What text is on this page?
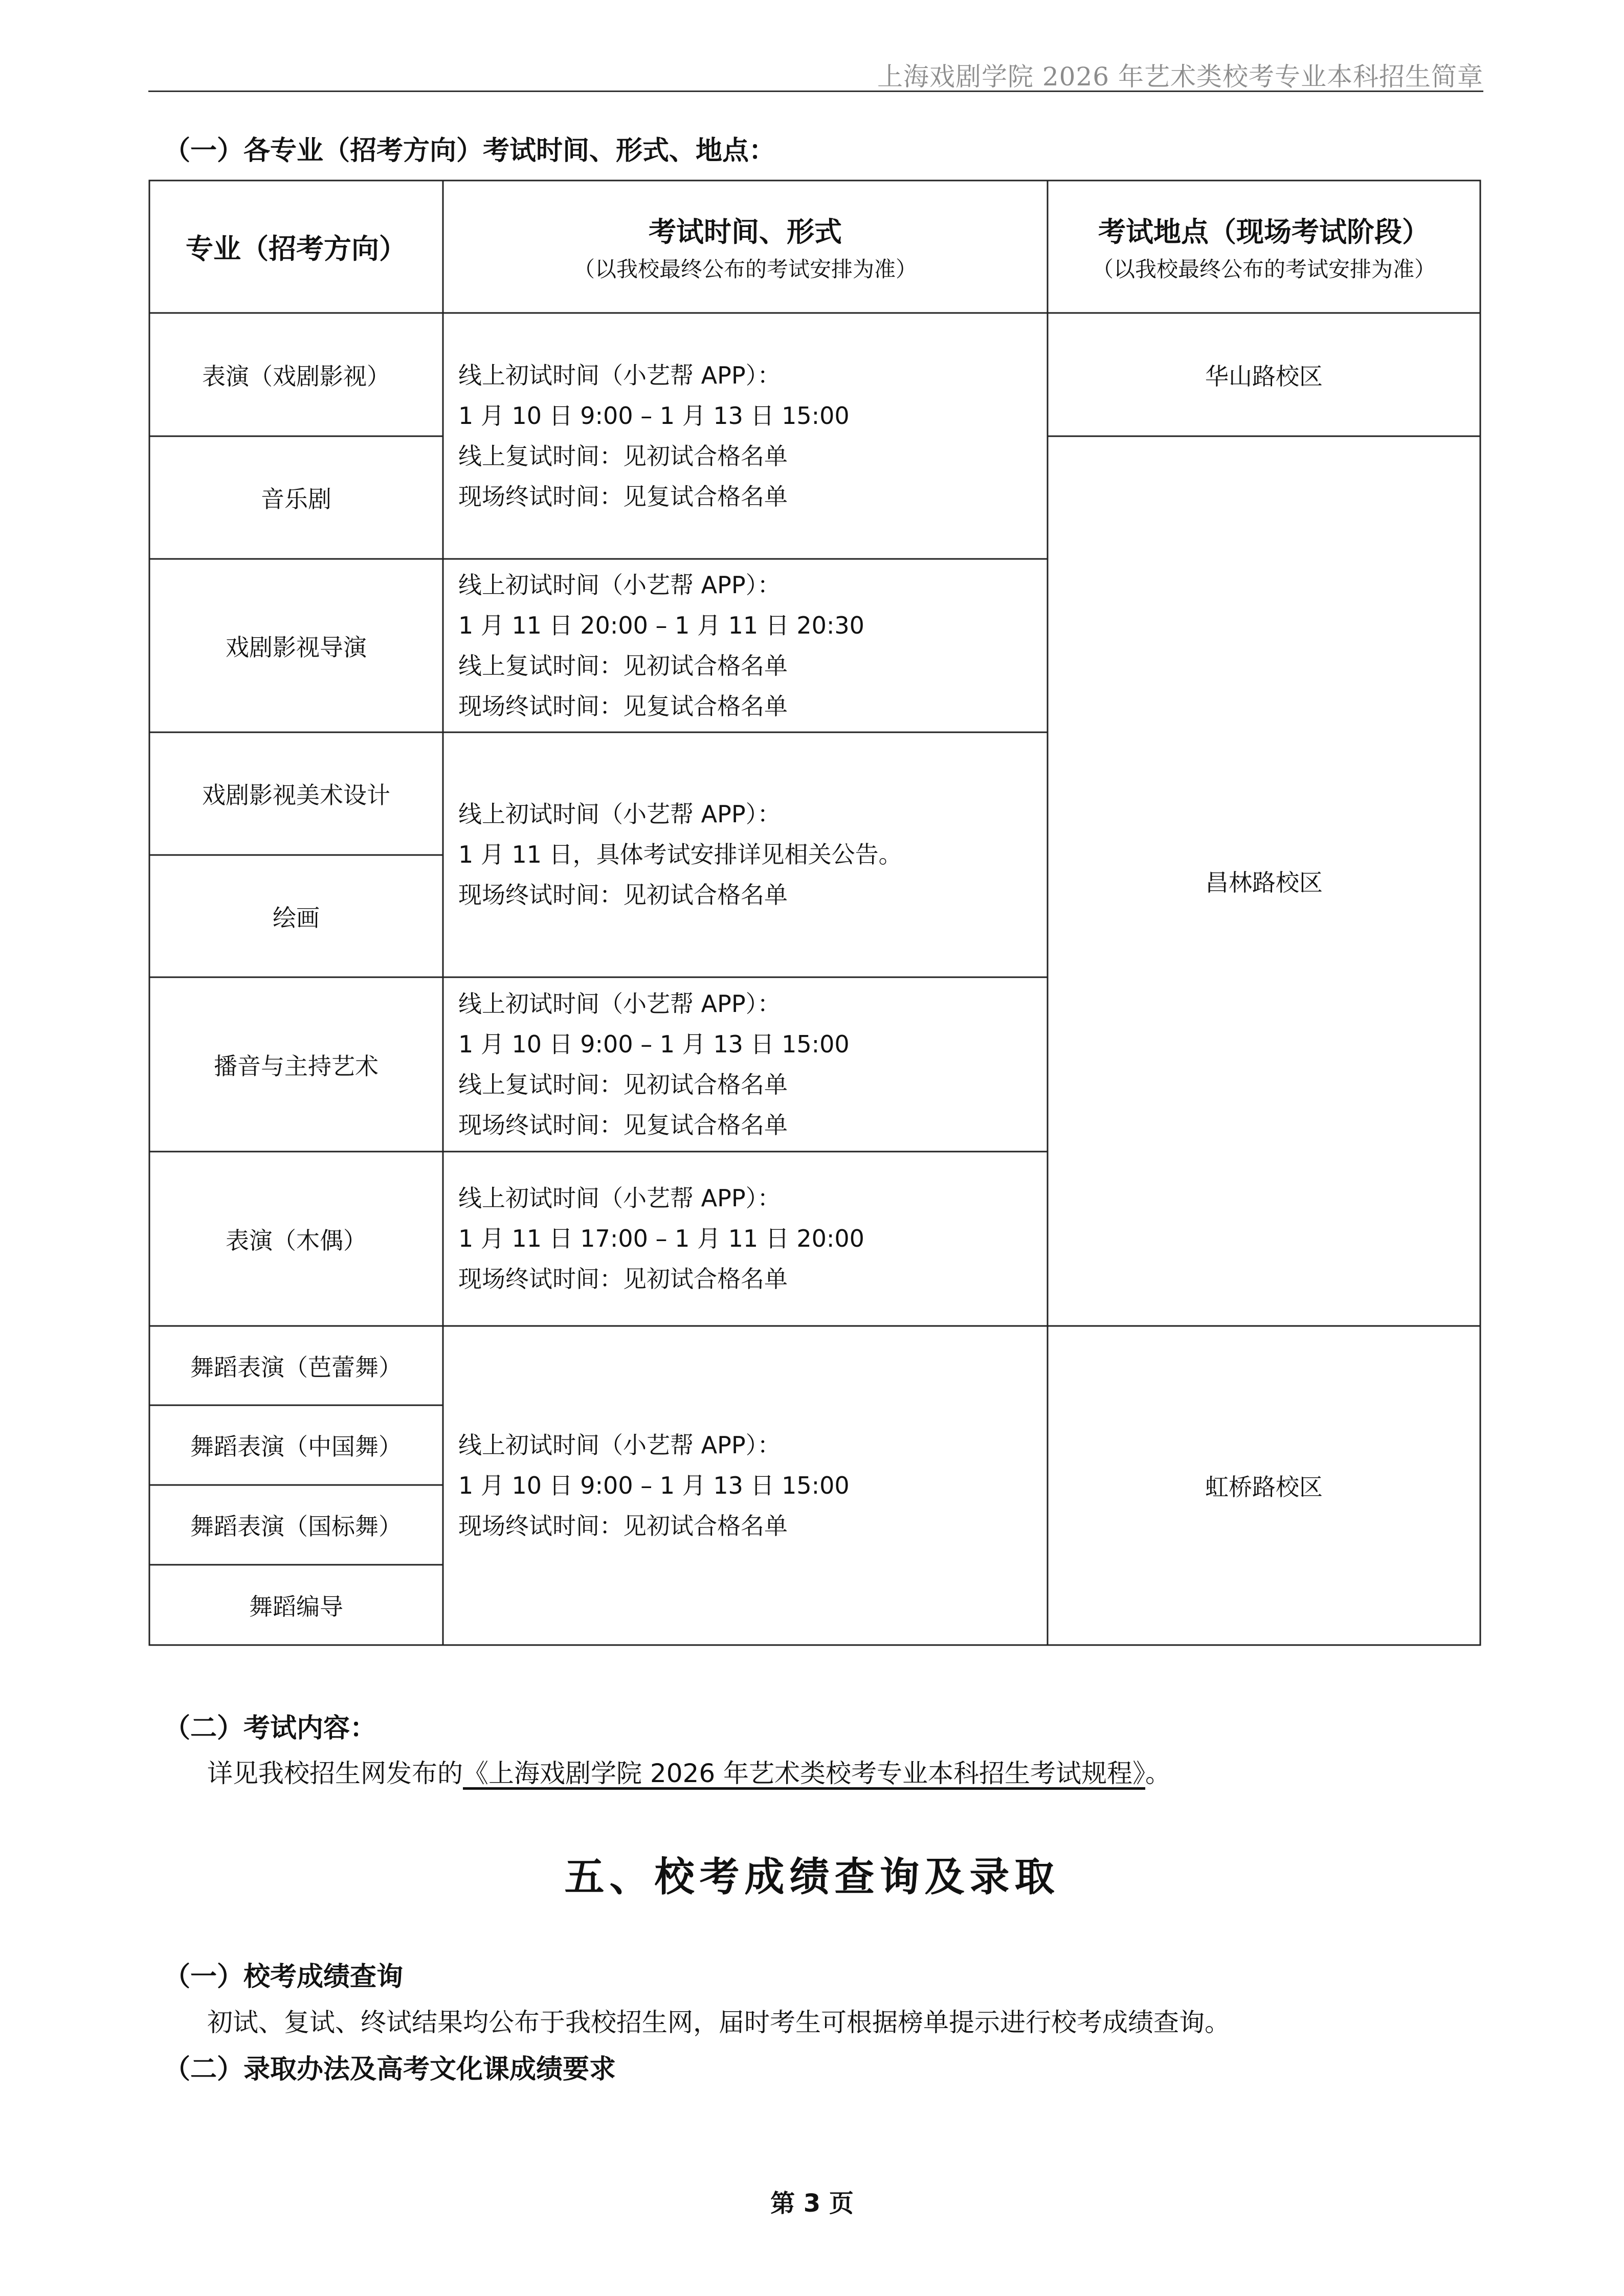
上海戏剧学院 2026 年艺术类校考专业本科招生简章
（一）各专业（招考方向）考试时间、形式、地点：
专业（招考方向）
考试时间、形式
（以我校最终公布的考试安排为准）
考试地点（现场考试阶段）
（以我校最终公布的考试安排为准）
表演（戏剧影视）
音乐剧
戏剧影视导演
戏剧影视美术设计
绘画
播音与主持艺术
表演（木偶）
舞蹈表演（芭蕾舞）
舞蹈表演（中国舞）
舞蹈表演（国标舞）
舞蹈编导
线上初试时间（小艺帮 APP）：
1 月 10 日 9:00 – 1 月 13 日 15:00
线上复试时间：见初试合格名单
现场终试时间：见复试合格名单
线上初试时间（小艺帮 APP）：
1 月 11 日 20:00 – 1 月 11 日 20:30
线上复试时间：见初试合格名单
现场终试时间：见复试合格名单
线上初试时间（小艺帮 APP）：
1 月 11 日，具体考试安排详见相关公告。
现场终试时间：见初试合格名单
线上初试时间（小艺帮 APP）：
1 月 10 日 9:00 – 1 月 13 日 15:00
线上复试时间：见初试合格名单
现场终试时间：见复试合格名单
线上初试时间（小艺帮 APP）：
1 月 11 日 17:00 – 1 月 11 日 20:00
现场终试时间：见初试合格名单
线上初试时间（小艺帮 APP）：
1 月 10 日 9:00 – 1 月 13 日 15:00
现场终试时间：见初试合格名单
华山路校区
昌林路校区
虹桥路校区
（二）考试内容：
详见我校招生网发布的《上海戏剧学院 2026 年艺术类校考专业本科招生考试规程》。
五、校考成绩查询及录取
（一）校考成绩查询
初试、复试、终试结果均公布于我校招生网，届时考生可根据榜单提示进行校考成绩查询。
（二）录取办法及高考文化课成绩要求
第 3 页
